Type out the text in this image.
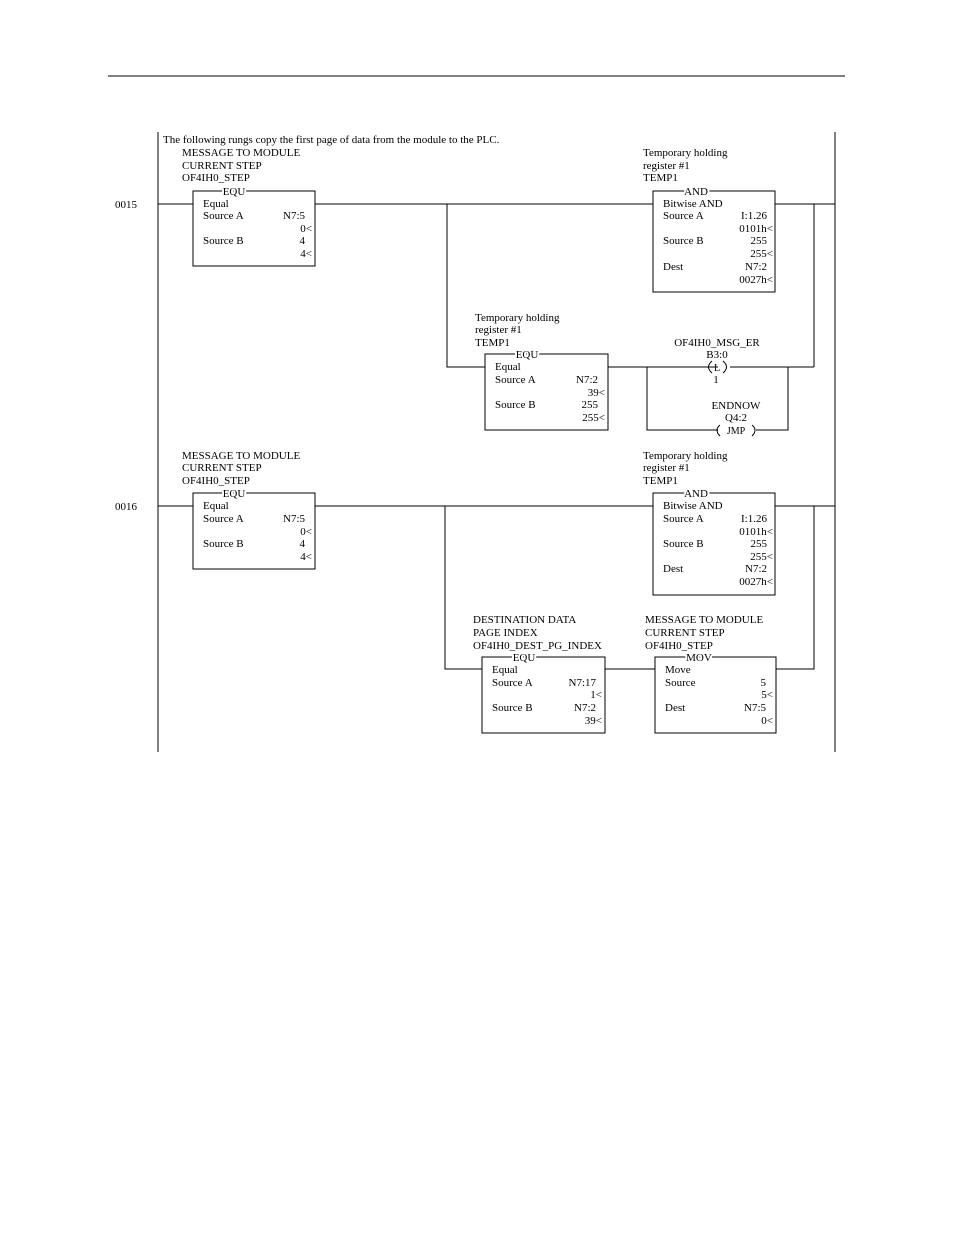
The following rungs copy the first page of data from the module to the PLC.
0015
MESSAGE TO MODULE
CURRENT STEP
OF4IH0_STEP
EQU
Equal
Source A	N7:5
0<
Source B	4
4<
Temporary holding
register #1
TEMP1
AND
Bitwise AND
Source A	I:1.26
0101h<
Source B	255
255<
Dest	N7:2
0027h<
Temporary holding
register #1
TEMP1
EQU
Equal
Source A	N7:2
39<
Source B	255
255<
OF4IH0_MSG_ER
B3:0
L
1
ENDNOW
Q4:2
JMP
0016
MESSAGE TO MODULE
CURRENT STEP
OF4IH0_STEP
EQU
Equal
Source A	N7:5
0<
Source B	4
4<
Temporary holding
register #1
TEMP1
AND
Bitwise AND
Source A	I:1.26
0101h<
Source B	255
255<
Dest	N7:2
0027h<
DESTINATION DATA
PAGE INDEX
OF4IH0_DEST_PG_INDEX
EQU
Equal
Source A	N7:17
1<
Source B	N7:2
39<
MESSAGE TO MODULE
CURRENT STEP
OF4IH0_STEP
MOV
Move
Source	5
5<
Dest	N7:5
0<
